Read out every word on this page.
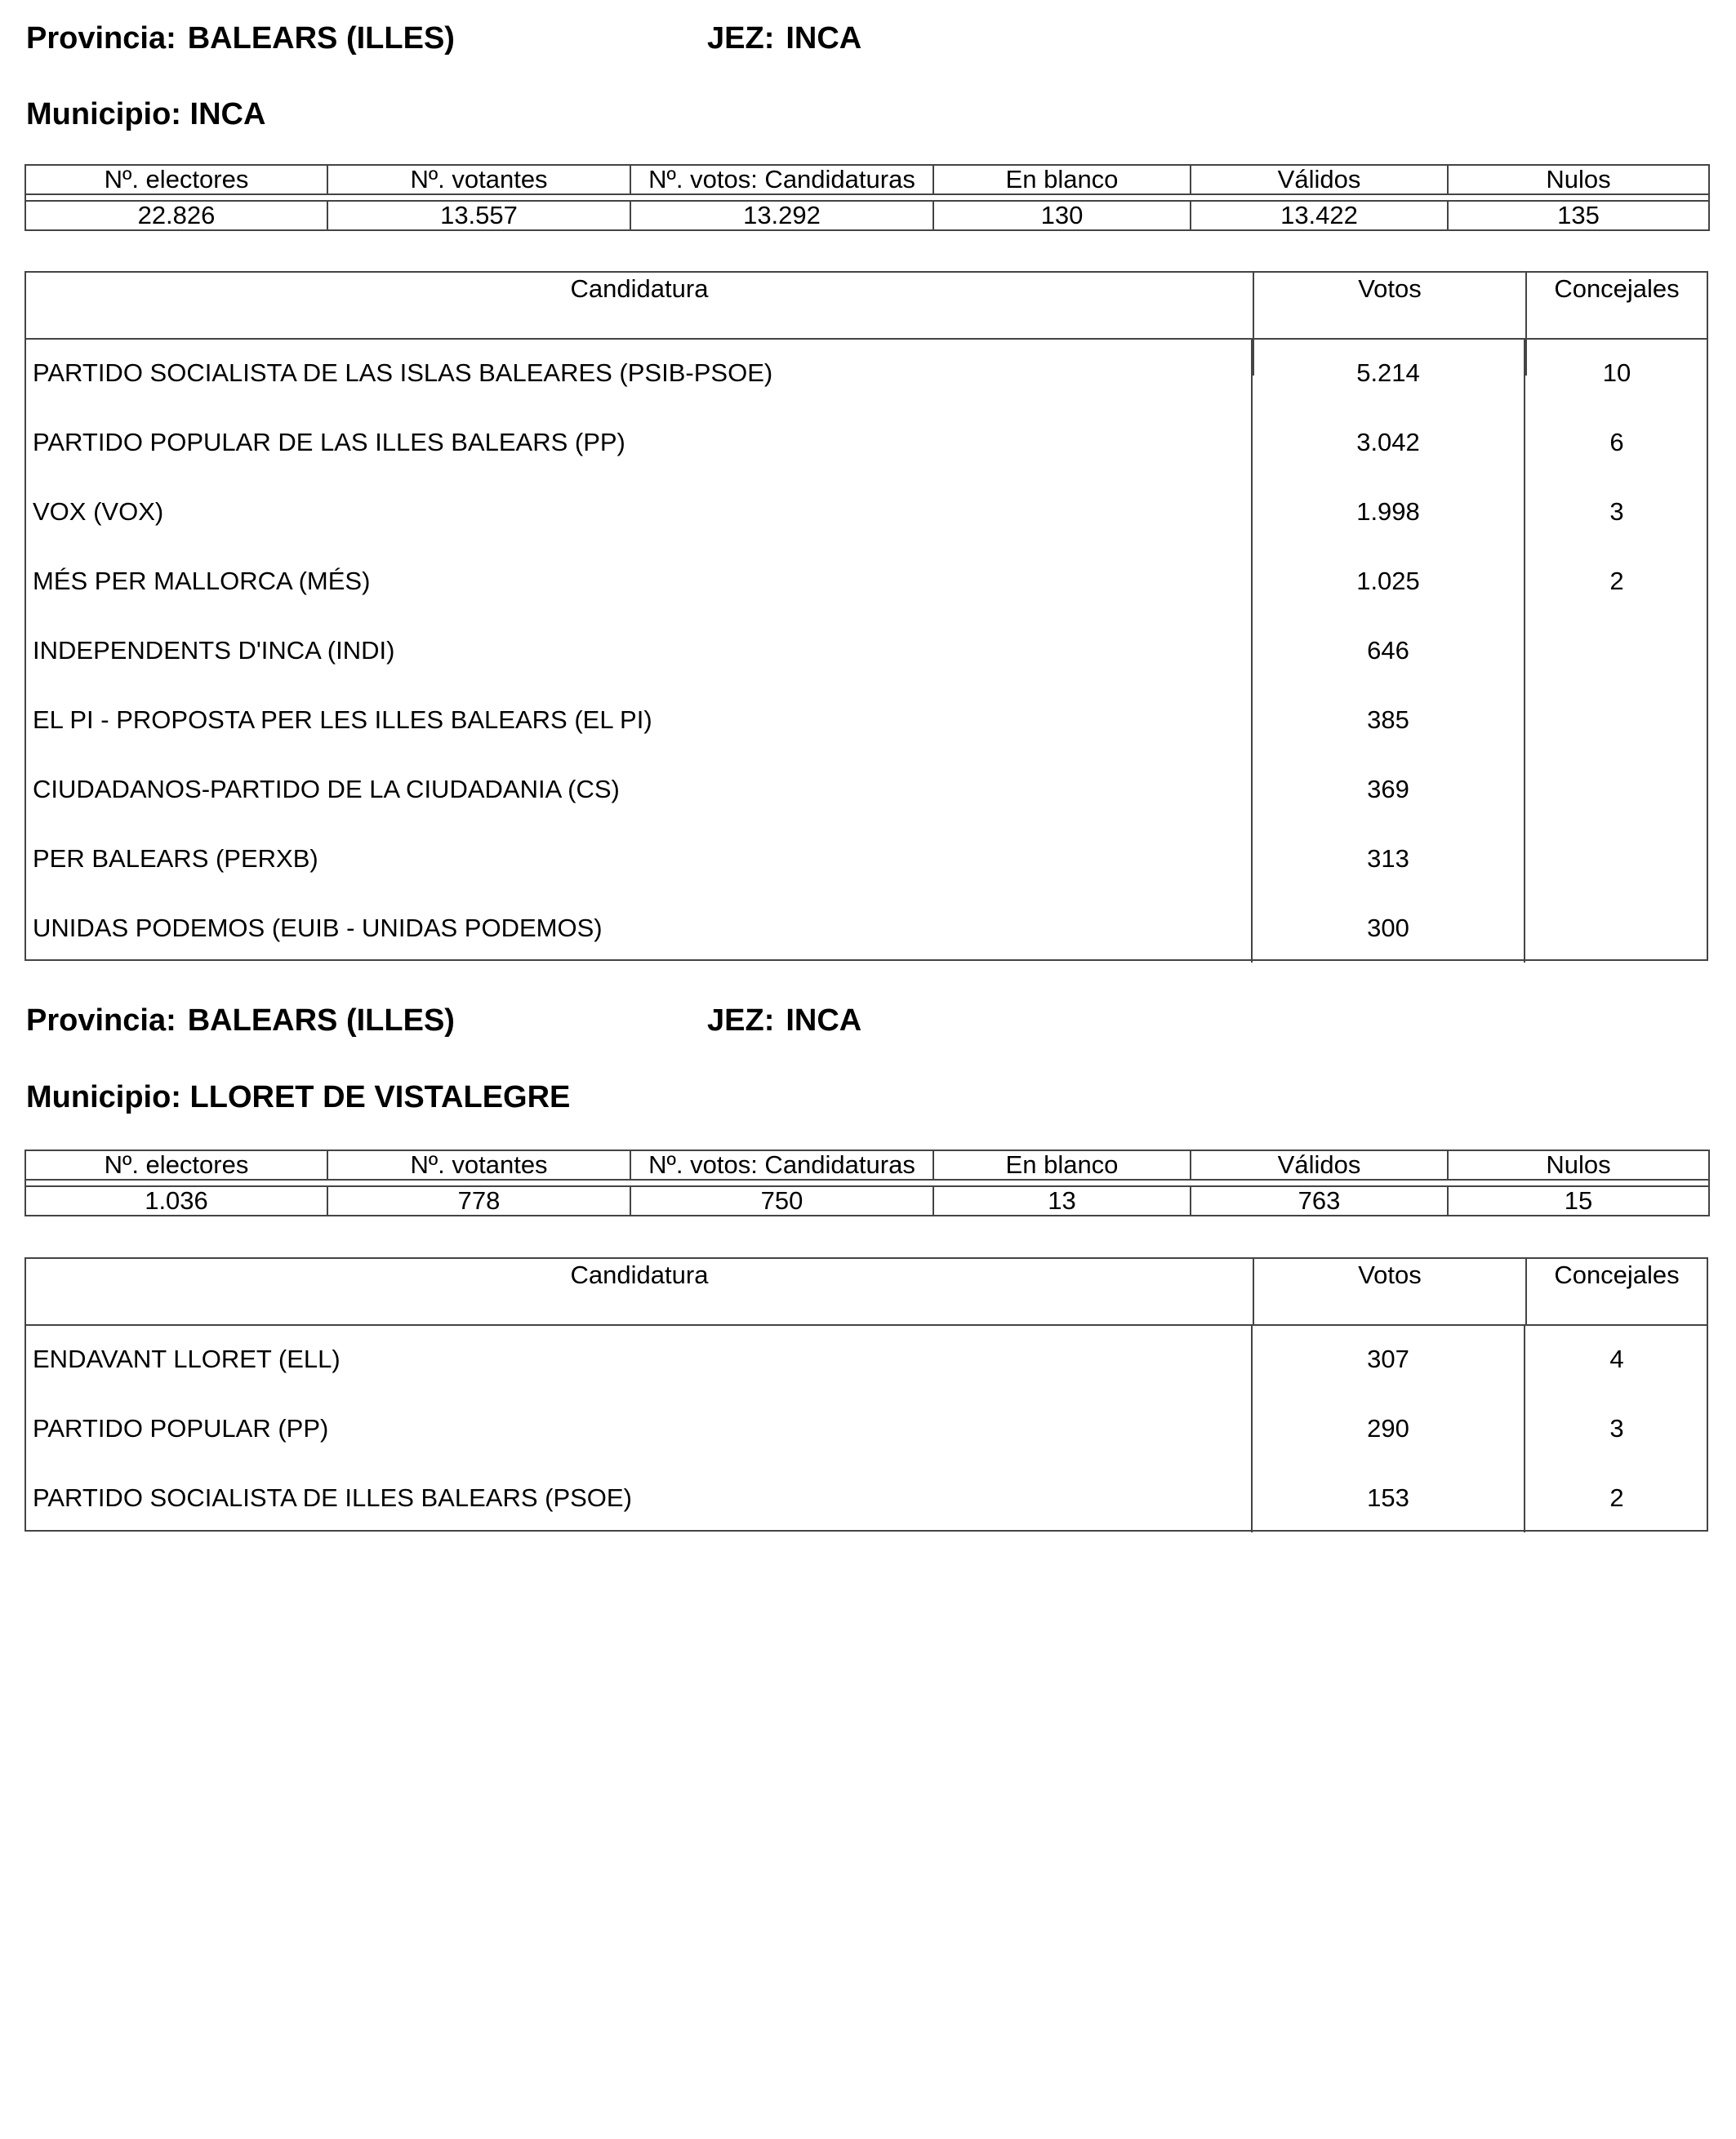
Provincia: BALEARS (ILLES)	JEZ: INCA
Municipio: INCA
Nº. electores	Nº. votantes	Nº. votos: Candidaturas	En blanco	Válidos	Nulos

22.826	13.557	13.292	130	13.422	135
Candidatura	Votos	Concejales
PARTIDO SOCIALISTA DE LAS ISLAS BALEARES (PSIB-PSOE)	5.214	10
PARTIDO POPULAR DE LAS ILLES BALEARS (PP)	3.042	6
VOX (VOX)	1.998	3
MÉS PER MALLORCA (MÉS)	1.025	2
INDEPENDENTS D'INCA (INDI)	646
EL PI - PROPOSTA PER LES ILLES BALEARS (EL PI)	385
CIUDADANOS-PARTIDO DE LA CIUDADANIA (CS)	369
PER BALEARS (PERXB)	313
UNIDAS PODEMOS (EUIB - UNIDAS PODEMOS)	300
Provincia: BALEARS (ILLES)	JEZ: INCA
Municipio: LLORET DE VISTALEGRE
Nº. electores	Nº. votantes	Nº. votos: Candidaturas	En blanco	Válidos	Nulos

1.036	778	750	13	763	15
Candidatura	Votos	Concejales
ENDAVANT LLORET (ELL)	307	4
PARTIDO POPULAR (PP)	290	3
PARTIDO SOCIALISTA DE ILLES BALEARS (PSOE)	153	2
